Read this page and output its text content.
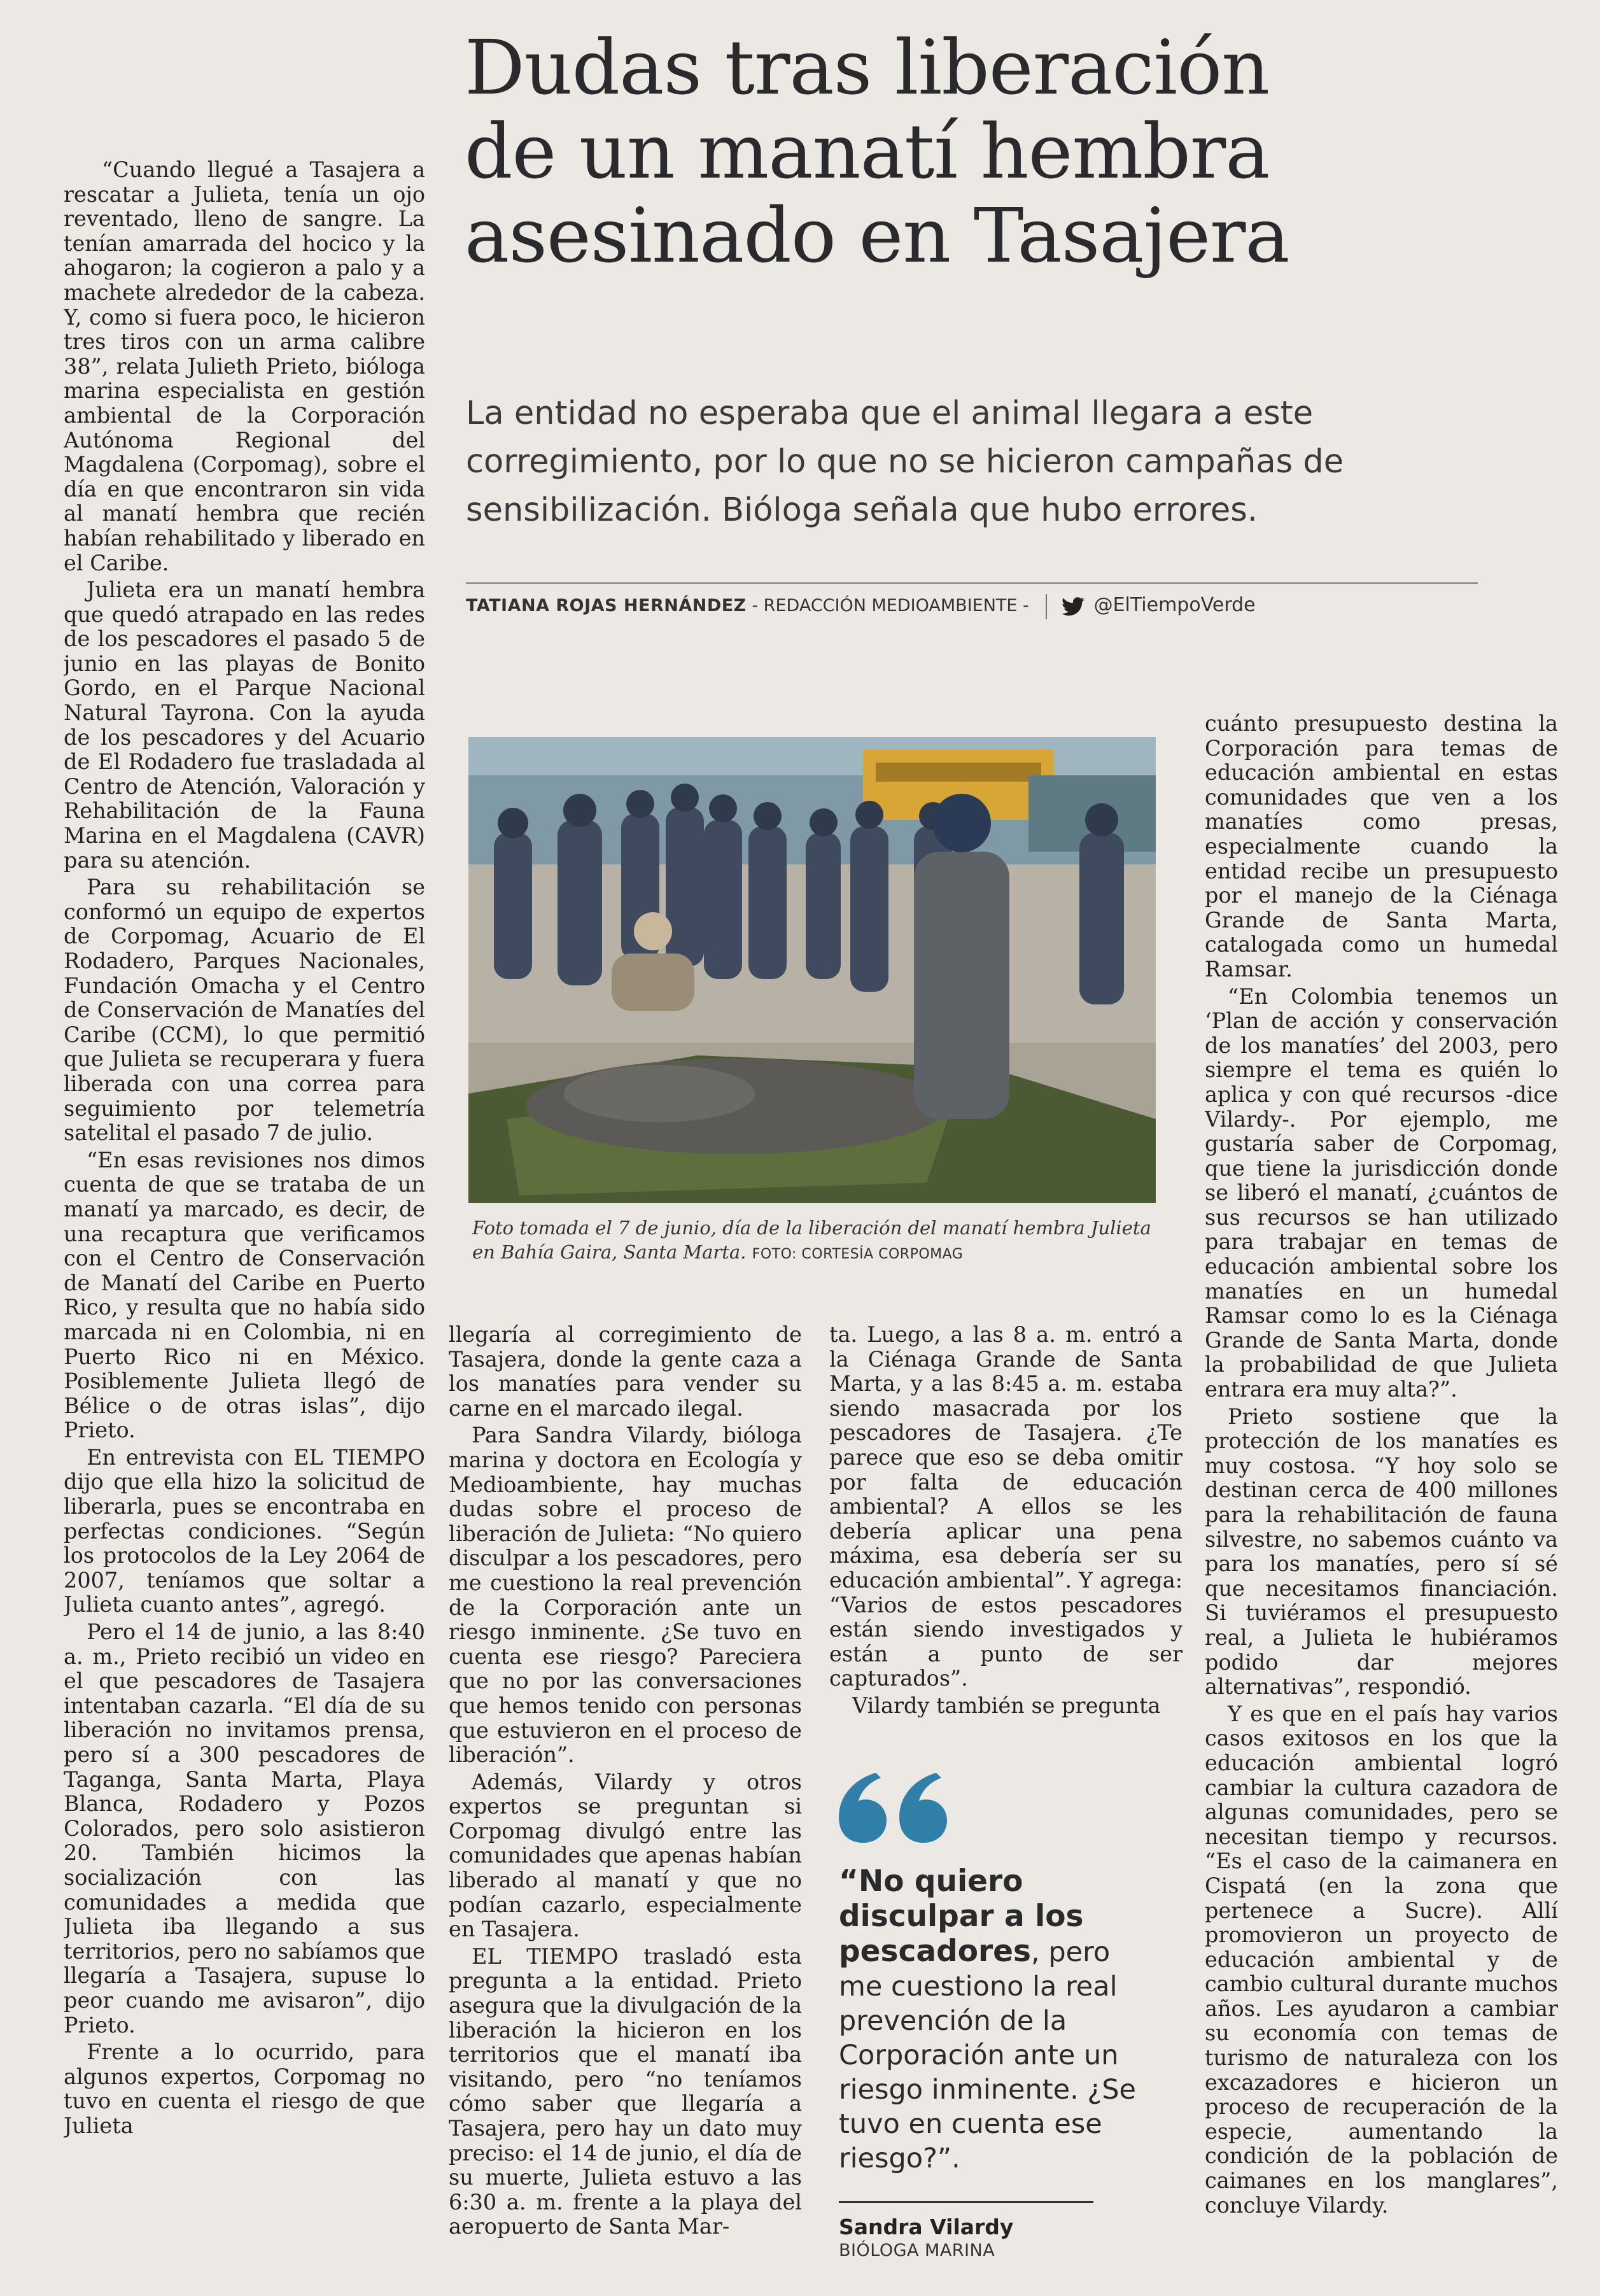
Dudas tras liberación
de un manatí hembra
asesinado en Tasajera
La entidad no esperaba que el animal llegara a este corregimiento, por lo que no se hicieron campañas de sensibilización. Bióloga señala que hubo errores.
TATIANA ROJAS HERNÁNDEZ - REDACCIÓN MEDIOAMBIENTE -	@ElTiempoVerde

“Cuando llegué a Tasajera a rescatar a Julieta, tenía un ojo reventado, lleno de sangre. La tenían amarrada del hocico y la ahogaron; la cogieron a palo y a machete alrededor de la cabeza. Y, como si fuera poco, le hicieron tres tiros con un arma calibre 38”, relata Julieth Prieto, bióloga marina especialista en gestión ambiental de la Corporación Autónoma Regional del Magdalena (Corpomag), sobre el día en que encontraron sin vida al manatí hembra que recién habían rehabilitado y liberado en el Caribe.

Julieta era un manatí hembra que quedó atrapado en las redes de los pescadores el pasado 5 de junio en las playas de Bonito Gordo, en el Parque Nacional Natural Tayrona. Con la ayuda de los pescadores y del Acuario de El Rodadero fue trasladada al Centro de Atención, Valoración y Rehabilitación de la Fauna Marina en el Magdalena (CAVR) para su atención.

Para su rehabilitación se conformó un equipo de expertos de Corpomag, Acuario de El Rodadero, Parques Nacionales, Fundación Omacha y el Centro de Conservación de Manatíes del Caribe (CCM), lo que permitió que Julieta se recuperara y fuera liberada con una correa para seguimiento por telemetría satelital el pasado 7 de julio.

“En esas revisiones nos dimos cuenta de que se trataba de un manatí ya marcado, es decir, de una recaptura que verificamos con el Centro de Conservación de Manatí del Caribe en Puerto Rico, y resulta que no había sido marcada ni en Colombia, ni en Puerto Rico ni en México. Posiblemente Julieta llegó de Bélice o de otras islas”, dijo Prieto.

En entrevista con EL TIEMPO dijo que ella hizo la solicitud de liberarla, pues se encontraba en perfectas condiciones. “Según los protocolos de la Ley 2064 de 2007, teníamos que soltar a Julieta cuanto antes”, agregó.

Pero el 14 de junio, a las 8:40 a. m., Prieto recibió un video en el que pescadores de Tasajera intentaban cazarla. “El día de su liberación no invitamos prensa, pero sí a 300 pescadores de Taganga, Santa Marta, Playa Blanca, Rodadero y Pozos Colorados, pero solo asistieron 20. También hicimos la socialización con las comunidades a medida que Julieta iba llegando a sus territorios, pero no sabíamos que llegaría a Tasajera, supuse lo peor cuando me avisaron”, dijo Prieto.

Frente a lo ocurrido, para algunos expertos, Corpomag no tuvo en cuenta el riesgo de que Julieta

Foto tomada el 7 de junio, día de la liberación del manatí hembra Julieta en Bahía Gaira, Santa Marta. FOTO: CORTESÍA CORPOMAG

llegaría al corregimiento de Tasajera, donde la gente caza a los manatíes para vender su carne en el marcado ilegal.

Para Sandra Vilardy, bióloga marina y doctora en Ecología y Medioambiente, hay muchas dudas sobre el proceso de liberación de Julieta: “No quiero disculpar a los pescadores, pero me cuestiono la real prevención de la Corporación ante un riesgo inminente. ¿Se tuvo en cuenta ese riesgo? Pareciera que no por las conversaciones que hemos tenido con personas que estuvieron en el proceso de liberación”.

Además, Vilardy y otros expertos se preguntan si Corpomag divulgó entre las comunidades que apenas habían liberado al manatí y que no podían cazarlo, especialmente en Tasajera.

EL TIEMPO trasladó esta pregunta a la entidad. Prieto asegura que la divulgación de la liberación la hicieron en los territorios que el manatí iba visitando, pero “no teníamos cómo saber que llegaría a Tasajera, pero hay un dato muy preciso: el 14 de junio, el día de su muerte, Julieta estuvo a las 6:30 a. m. frente a la playa del aeropuerto de Santa Mar-

ta. Luego, a las 8 a. m. entró a la Ciénaga Grande de Santa Marta, y a las 8:45 a. m. estaba siendo masacrada por los pescadores de Tasajera. ¿Te parece que eso se deba omitir por falta de educación ambiental? A ellos se les debería aplicar una pena máxima, esa debería ser su educación ambiental”. Y agrega: “Varios de estos pescadores están siendo investigados y están a punto de ser capturados”.

Vilardy también se pregunta

“No quiero disculpar a los pescadores, pero me cuestiono la real prevención de la Corporación ante un riesgo inminente. ¿Se tuvo en cuenta ese riesgo?”.
Sandra Vilardy
BIÓLOGA MARINA

cuánto presupuesto destina la Corporación para temas de educación ambiental en estas comunidades que ven a los manatíes como presas, especialmente cuando la entidad recibe un presupuesto por el manejo de la Ciénaga Grande de Santa Marta, catalogada como un humedal Ramsar.

“En Colombia tenemos un ‘Plan de acción y conservación de los manatíes’ del 2003, pero siempre el tema es quién lo aplica y con qué recursos -dice Vilardy-. Por ejemplo, me gustaría saber de Corpomag, que tiene la jurisdicción donde se liberó el manatí, ¿cuántos de sus recursos se han utilizado para trabajar en temas de educación ambiental sobre los manatíes en un humedal Ramsar como lo es la Ciénaga Grande de Santa Marta, donde la probabilidad de que Julieta entrara era muy alta?”.

Prieto sostiene que la protección de los manatíes es muy costosa. “Y hoy solo se destinan cerca de 400 millones para la rehabilitación de fauna silvestre, no sabemos cuánto va para los manatíes, pero sí sé que necesitamos financiación. Si tuviéramos el presupuesto real, a Julieta le hubiéramos podido dar mejores alternativas”, respondió.

Y es que en el país hay varios casos exitosos en los que la educación ambiental logró cambiar la cultura cazadora de algunas comunidades, pero se necesitan tiempo y recursos. “Es el caso de la caimanera en Cispatá (en la zona que pertenece a Sucre). Allí promovieron un proyecto de educación ambiental y de cambio cultural durante muchos años. Les ayudaron a cambiar su economía con temas de turismo de naturaleza con los excazadores e hicieron un proceso de recuperación de la especie, aumentando la condición de la población de caimanes en los manglares”, concluye Vilardy.
